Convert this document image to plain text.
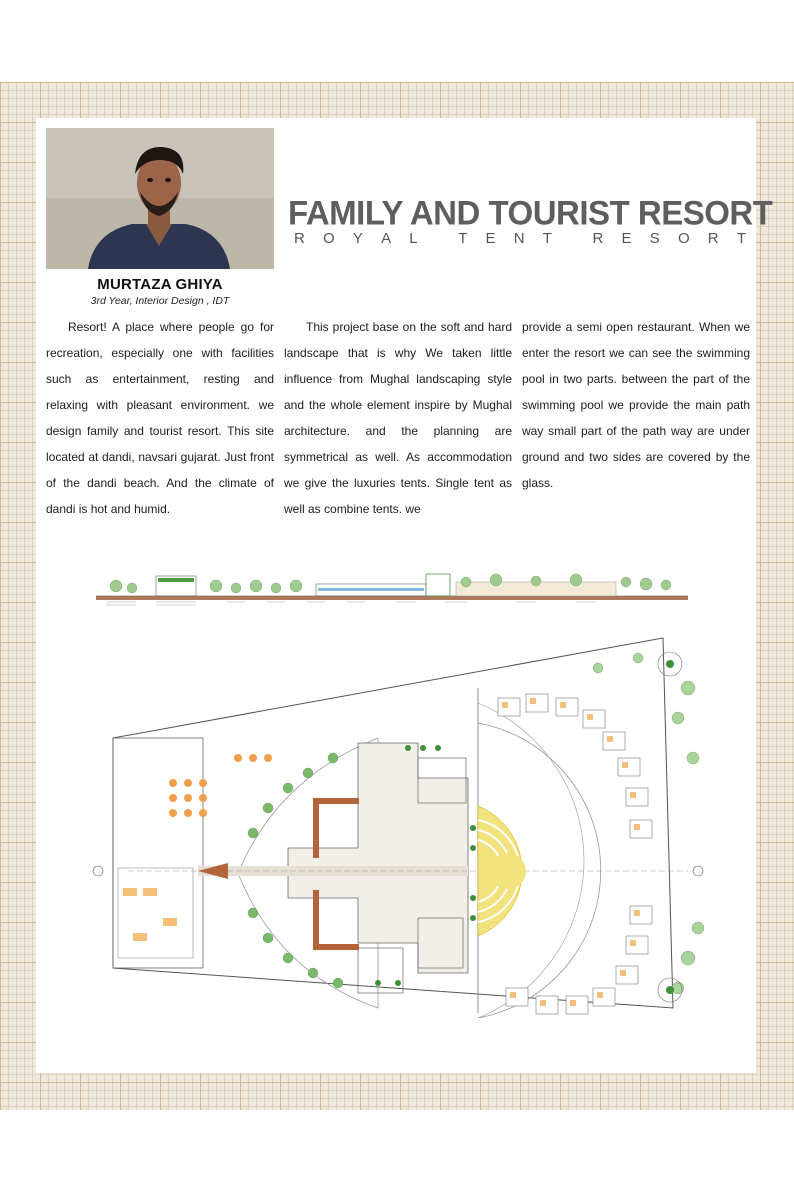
MURTAZA GHIYA
3rd Year, Interior Design , IDT
FAMILY AND TOURIST RESORT
R O Y A L
	T E N T
	R E S O R T
Resort! A place where people go for recreation, especially one with facilities such as entertainment, resting and relaxing with pleasant environment. we design family and tourist resort. This site located at dandi, navsari gujarat. Just front of the dandi beach. And the climate of dandi is hot and humid.
This project base on the soft and hard landscape that is why We taken little influence from Mughal landscaping style and the whole element inspire by Mughal architecture. and the planning are symmetrical as well. As accommodation we give the luxuries tents. Single tent as well as combine tents. we
provide a semi open restaurant. When we enter the resort we can see the swimming pool in two parts. between the part of the swimming pool we provide the main path way small part of the path way are under ground and two sides are covered by the glass.
